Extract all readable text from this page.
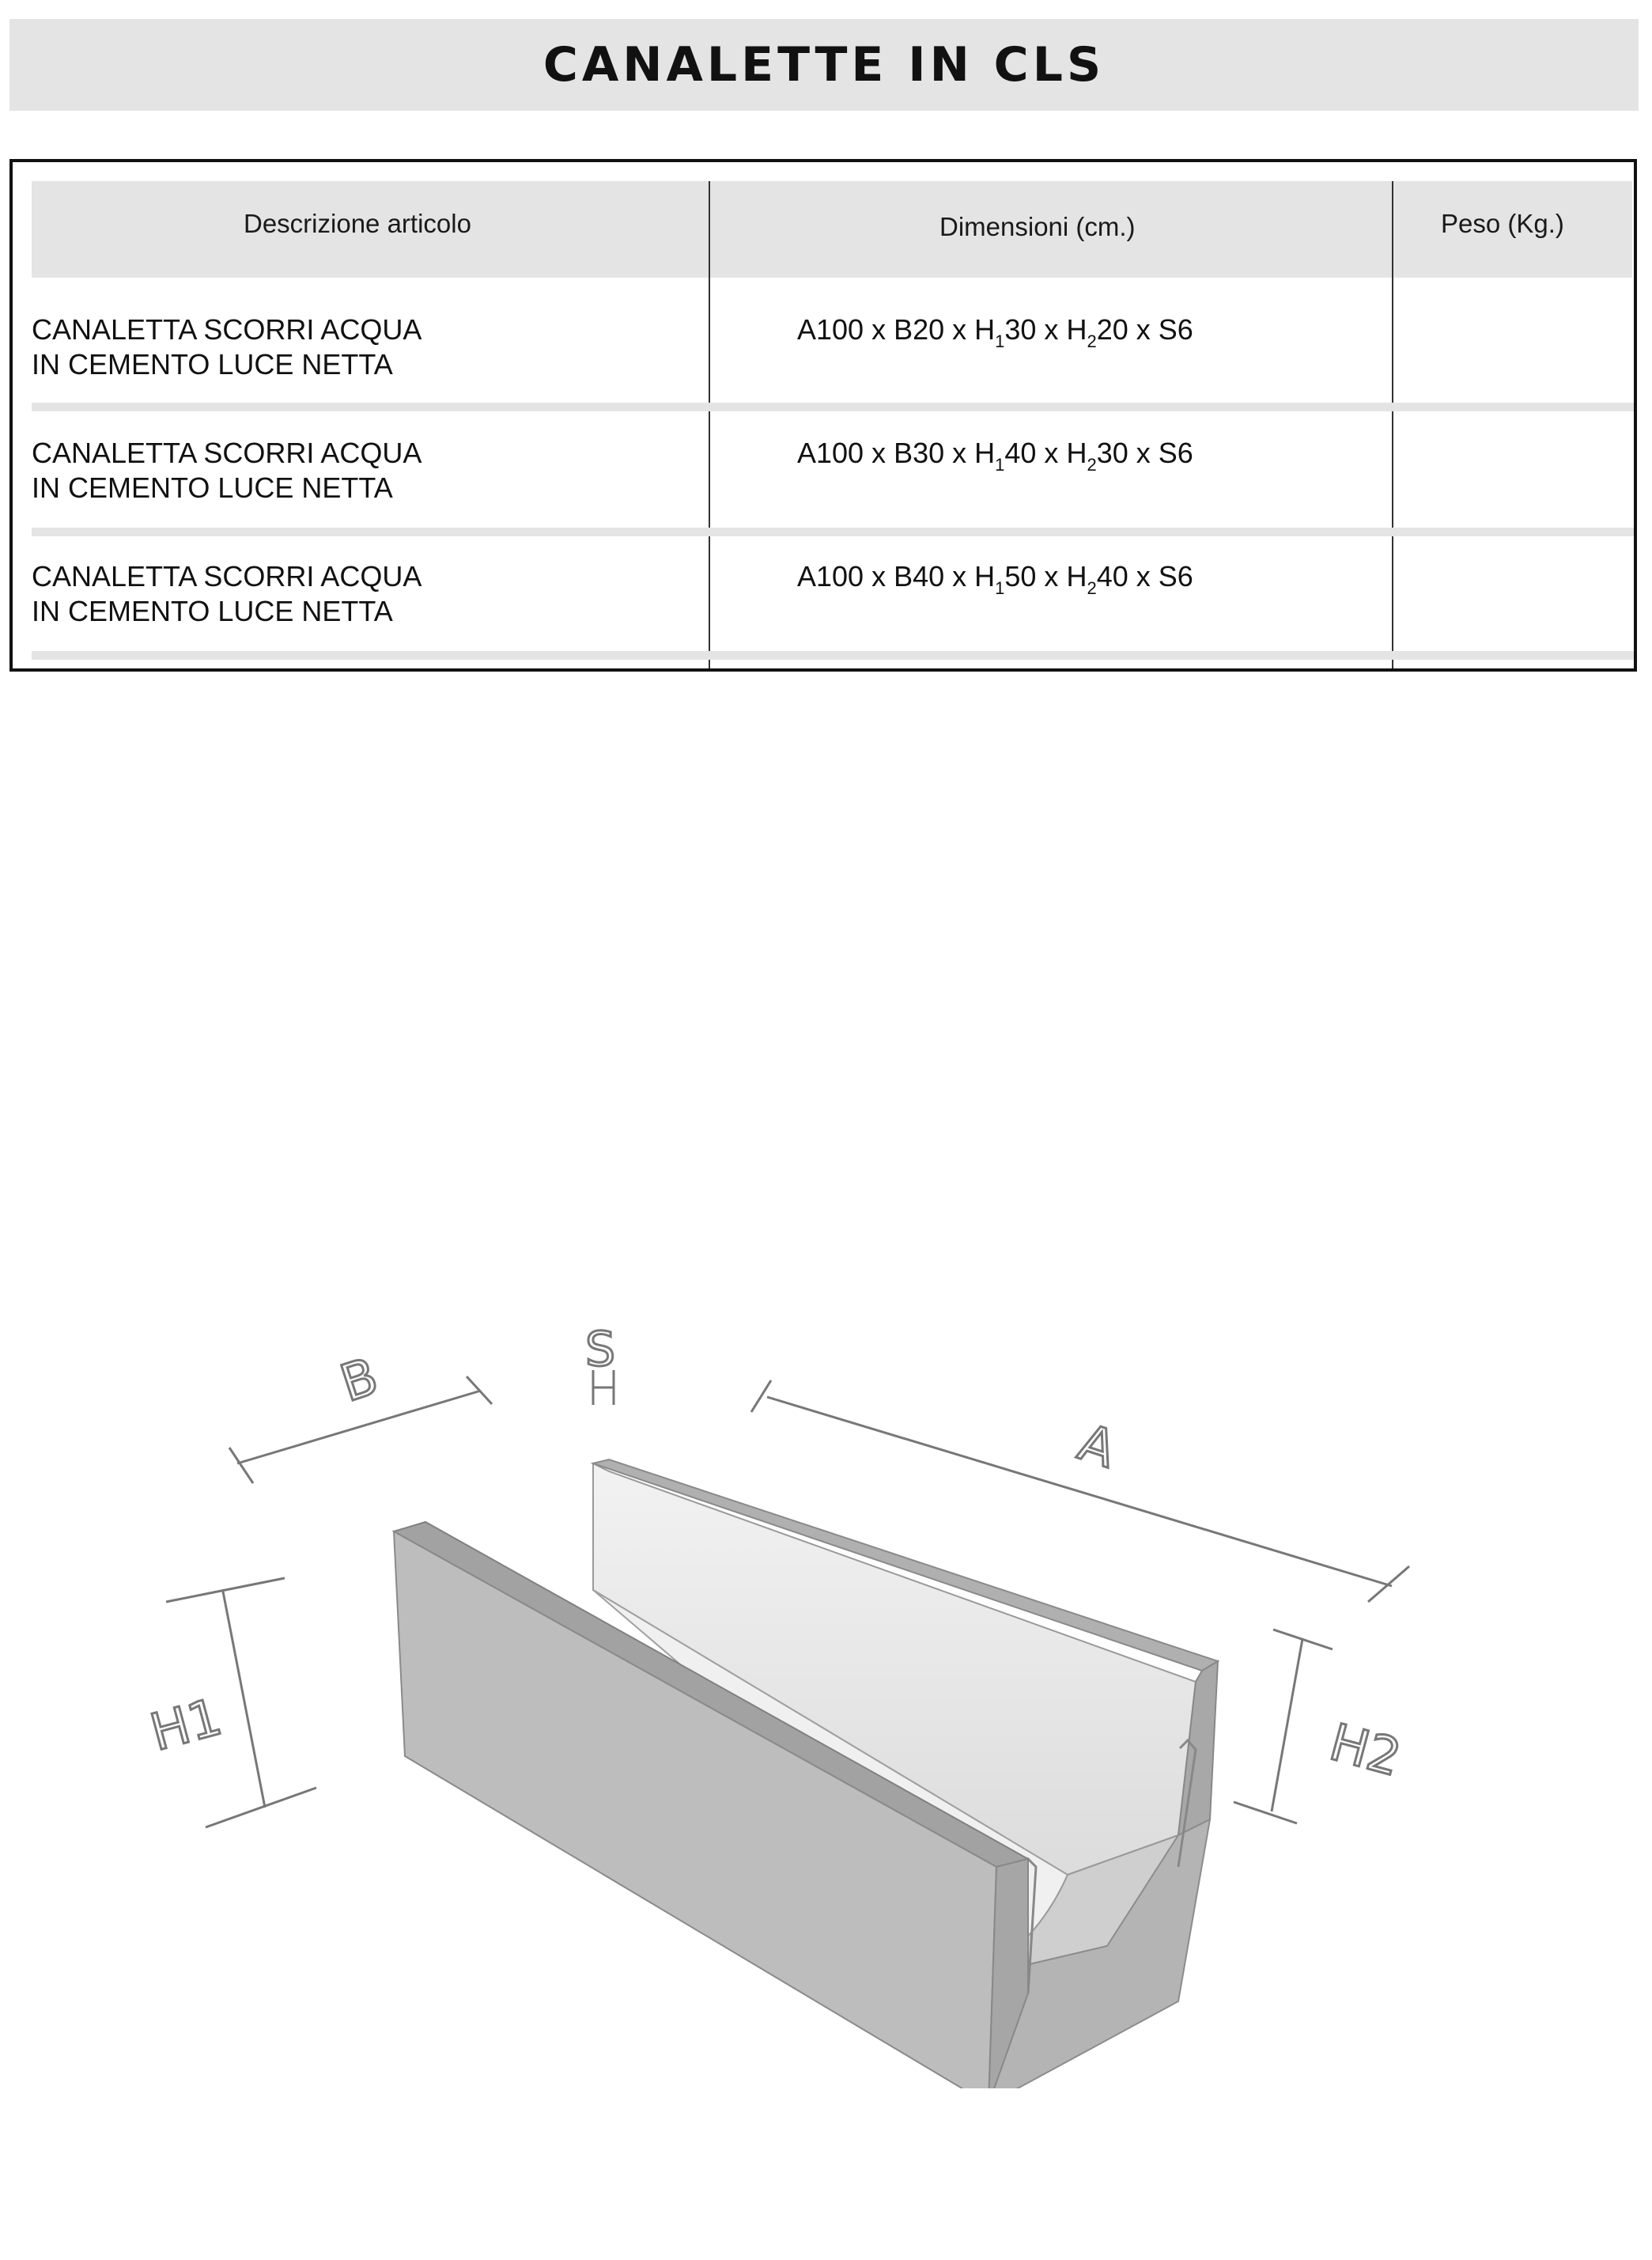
CANALETTE IN CLS
Descrizione articolo	Dimensioni (cm.)	Peso (Kg.)
CANALETTA SCORRI ACQUA
IN CEMENTO LUCE NETTA
A100 x B20 x $H_130$ x $H_220$ x S6
CANALETTA SCORRI ACQUA
IN CEMENTO LUCE NETTA
A100 x B30 x $H_140$ x $H_230$ x S6
CANALETTA SCORRI ACQUA
IN CEMENTO LUCE NETTA
A100 x B40 x $H_150$ x $H_240$ x S6
B	S
A
H1	H2
